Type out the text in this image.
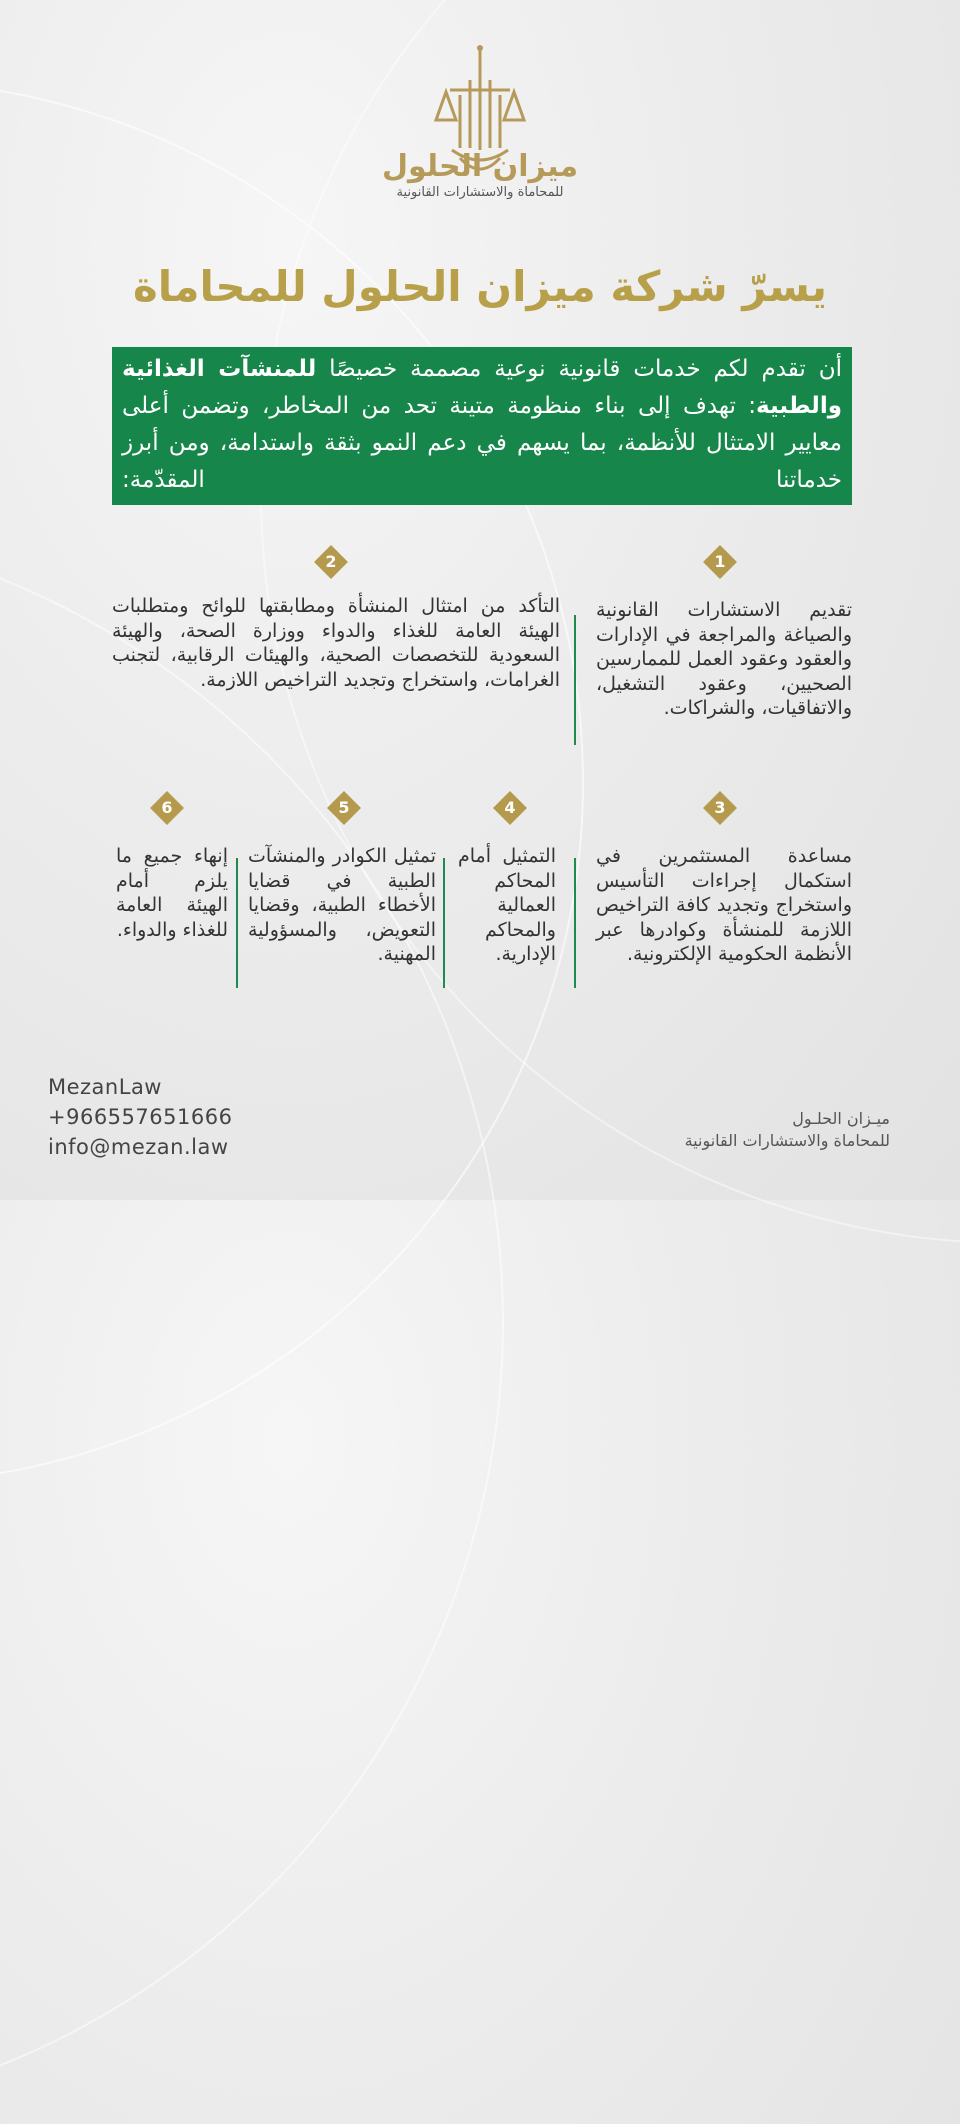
ميزان الحلول
للمحاماة والاستشارات القانونية
يسرّ شركة ميزان الحلول للمحاماة
أن تقدم لكم خدمات قانونية نوعية مصممة خصيصًا للمنشآت الغذائية والطبية: تهدف إلى بناء منظومة متينة تحد من المخاطر، وتضمن أعلى معايير الامتثال للأنظمة، بما يسهم في دعم النمو بثقة واستدامة، ومن أبرز خدماتنا المقدّمة:
1
تقديم الاستشارات القانونية والصياغة والمراجعة في الإدارات والعقود وعقود العمل للممارسين الصحيين، وعقود التشغيل، والاتفاقيات، والشراكات.
2
التأكد من امتثال المنشأة ومطابقتها للوائح ومتطلبات الهيئة العامة للغذاء والدواء ووزارة الصحة، والهيئة السعودية للتخصصات الصحية، والهيئات الرقابية، لتجنب الغرامات، واستخراج وتجديد التراخيص اللازمة.
3
مساعدة المستثمرين في استكمال إجراءات التأسيس واستخراج وتجديد كافة التراخيص اللازمة للمنشأة وكوادرها عبر الأنظمة الحكومية الإلكترونية.
4
التمثيل أمام المحاكم العمالية والمحاكم الإدارية.
5
تمثيل الكوادر والمنشآت الطبية في قضايا الأخطاء الطبية، وقضايا التعويض، والمسؤولية المهنية.
6
إنهاء جميع ما يلزم أمام الهيئة العامة للغذاء والدواء.
MezanLaw
+966557651666
info@mezan.law
ميـزان الحلـول
للمحاماة والاستشارات القانونية
